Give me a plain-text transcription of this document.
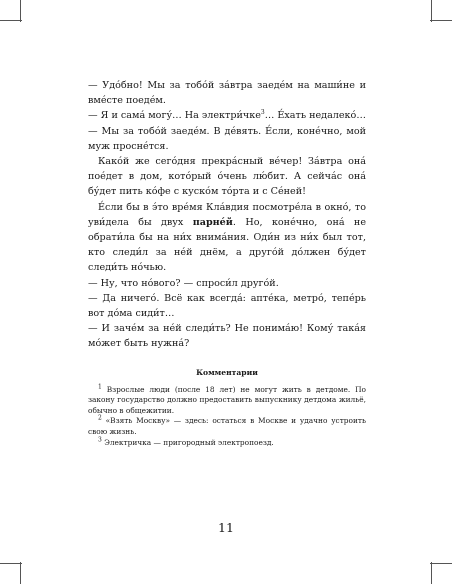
— Удо́бно! Мы за тобо́й за́втра заеде́м на маши́не и вме́сте поеде́м.

— Я и сама́ могу́… На электри́чке$^3$… Е́хать недалеко́…

— Мы за тобо́й заеде́м. В де́вять. Е́сли, коне́чно, мой муж просне́тся.

Како́й же сего́дня прекра́сный ве́чер! За́втра она́ пое́дет в дом, кото́рый о́чень лю́бит. А сейча́с она́ бу́дет пить ко́фе с куско́м то́рта и с Се́ней!

Е́сли бы в э́то вре́мя Кла́вдия посмотре́ла в окно́, то уви́дела бы двух парне́й. Но, коне́чно, она́ не обрати́ла бы на ни́х внима́ния. Оди́н из ни́х был тот, кто следи́л за не́й днём, а друго́й до́лжен бу́дет следи́ть но́чью.

— Ну, что но́вого? — спроси́л друго́й.

— Да ничего́. Всё как всегда́: апте́ка, метро́, тепе́рь вот до́ма сиди́т…

— И заче́м за не́й следи́ть? Не понима́ю! Кому́ така́я мо́жет быть нужна́?

Комментарии

$^1$ Взрослые люди (после 18 лет) не могут жить в детдоме. По закону государство должно предоставить выпускнику детдома жильё, обычно в общежитии.

$^2$ «Взять Москву» — здесь: остаться в Москве и удачно устроить свою жизнь.

$^3$ Электричка — пригородный электропоезд.

11
